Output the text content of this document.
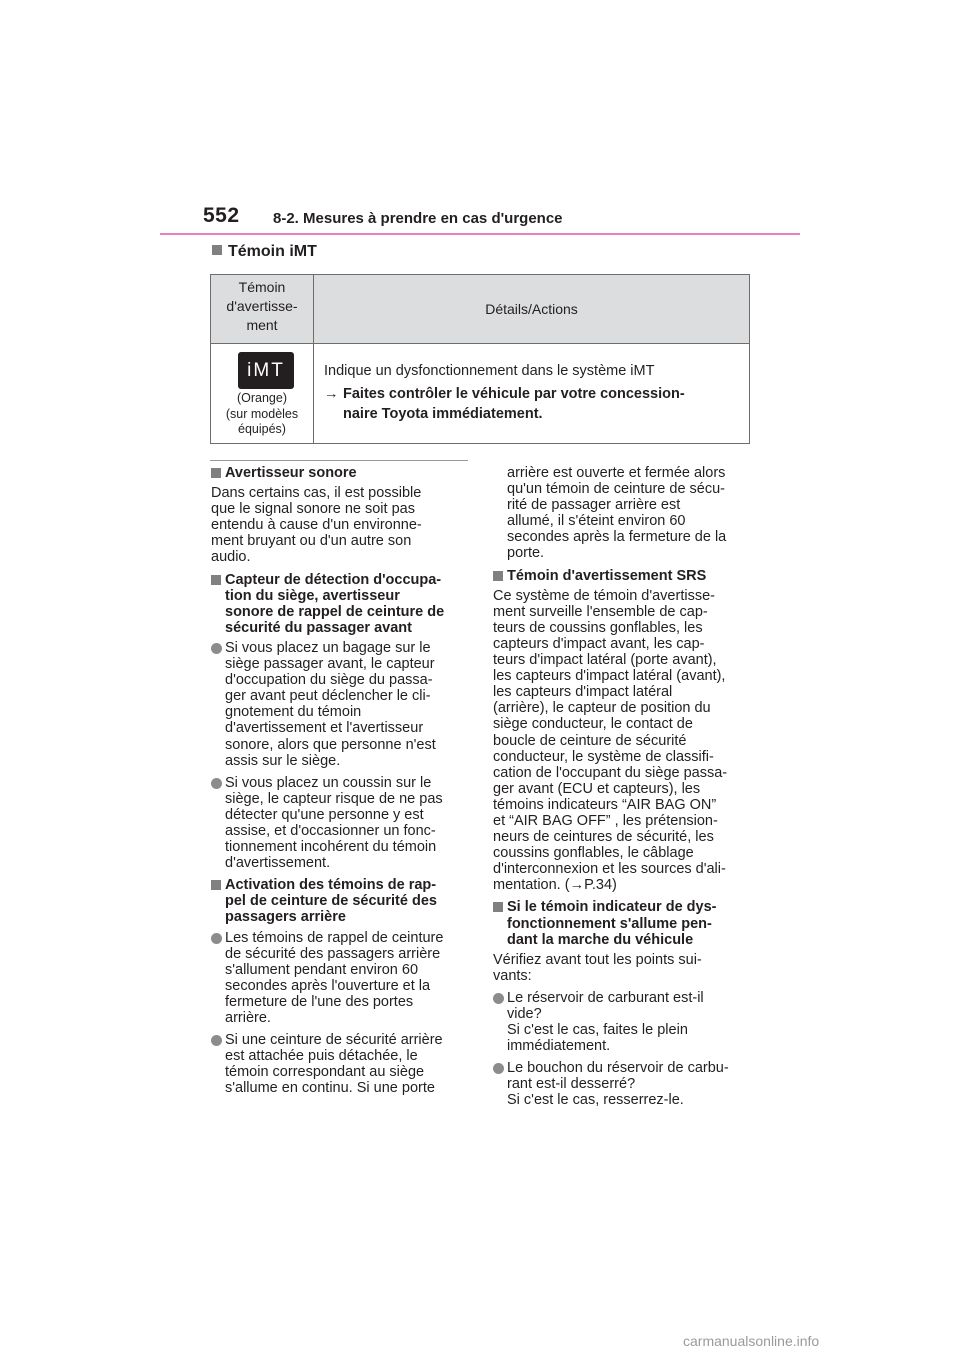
552 8-2. Mesures à prendre en cas d'urgence
Témoin iMT
Témoin
d'avertisse-
ment
Détails/Actions
iMT
(Orange)
(sur modèles
équipés)
Indique un dysfonctionnement dans le système iMT
→ Faites contrôler le véhicule par votre concession-
naire Toyota immédiatement.
Avertisseur sonore

Dans certains cas, il est possible
que le signal sonore ne soit pas
entendu à cause d'un environne-
ment bruyant ou d'un autre son
audio.

Capteur de détection d'occupa-
tion du siège, avertisseur
sonore de rappel de ceinture de
sécurité du passager avant
Si vous placez un bagage sur le
siège passager avant, le capteur
d'occupation du siège du passa-
ger avant peut déclencher le cli-
gnotement du témoin
d'avertissement et l'avertisseur
sonore, alors que personne n'est
assis sur le siège.
Si vous placez un coussin sur le
siège, le capteur risque de ne pas
détecter qu'une personne y est
assise, et d'occasionner un fonc-
tionnement incohérent du témoin
d'avertissement.
Activation des témoins de rap-
pel de ceinture de sécurité des
passagers arrière
Les témoins de rappel de ceinture
de sécurité des passagers arrière
s'allument pendant environ 60
secondes après l'ouverture et la
fermeture de l'une des portes
arrière.
Si une ceinture de sécurité arrière
est attachée puis détachée, le
témoin correspondant au siège
s'allume en continu. Si une porte
arrière est ouverte et fermée alors
qu'un témoin de ceinture de sécu-
rité de passager arrière est
allumé, il s'éteint environ 60
secondes après la fermeture de la
porte.
Témoin d'avertissement SRS

Ce système de témoin d'avertisse-
ment surveille l'ensemble de cap-
teurs de coussins gonflables, les
capteurs d'impact avant, les cap-
teurs d'impact latéral (porte avant),
les capteurs d'impact latéral (avant),
les capteurs d'impact latéral
(arrière), le capteur de position du
siège conducteur, le contact de
boucle de ceinture de sécurité
conducteur, le système de classifi-
cation de l'occupant du siège passa-
ger avant (ECU et capteurs), les
témoins indicateurs “AIR BAG ON”
et “AIR BAG OFF” , les prétension-
neurs de ceintures de sécurité, les
coussins gonflables, le câblage
d'interconnexion et les sources d'ali-
mentation. (→P.34)

Si le témoin indicateur de dys-
fonctionnement s'allume pen-
dant la marche du véhicule

Vérifiez avant tout les points sui-
vants:

Le réservoir de carburant est-il
vide?
Si c'est le cas, faites le plein
immédiatement.
Le bouchon du réservoir de carbu-
rant est-il desserré?
Si c'est le cas, resserrez-le.
carmanualsonline.info
